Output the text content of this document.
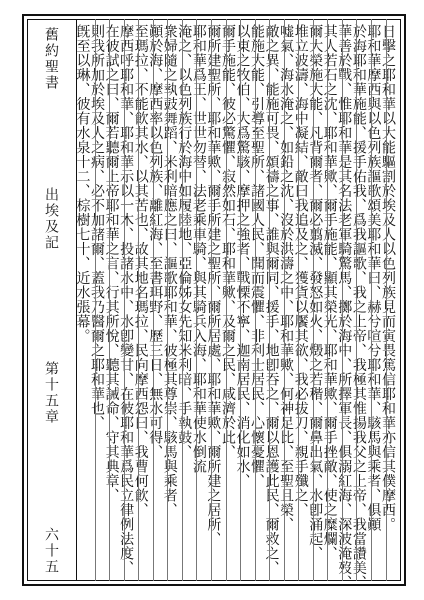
舊約聖書
出埃及記
第十五章
六十五
日擊之耶和華以大能驅割於埃及人以色列族見而寅畏篤信耶和華亦信其僕摩西。
耶和華摩西與以色列族謳歌頌美耶和華曰、赫兮喧兮耶和華、駭馬與乘者、俱顚
於海耶和華施能、援手佑我、爲我謳歌、我之上帝、我極其惟揚我父之上帝、我當讚美、
華善於戰、惟耶和華是其名法老軍騎驚馬、擲於海中、所擇軍長、俱溺紅海、深波淹歿、
其人若石之沈、耶和華歟、爾手施能、顯其榮光、耶和華歟、爾手挫敵、使之糜爛、
爾大榮施大能、凡背爾者、爾必翦滅、發怒如火、燬之若稭、爾鼻出氣、水卽涌起、
堆立波濤、海中凝結、敵曰我追及之、獲貨以饜其欲、我必拔刀、親手殲之、
嘘氣、海水淹之、如鉛之沈、沒於洪濤之中、耶和華歟、何神足比、至聖且榮、
敵之異、能施可畏、頌禱之事、誰與爾同、援手、地卽吞之、爾以恩護此民、爾救之、
能施大能、引導至聖所、諸國人民、聞而震懼、非利士居民、心懷憂懼、
以東之牧伯、大爲驚駭、摩押之強者、戰慄不寧、迦南居民、消化如水、
爾手施能、彼必驚懼、寂然如石、耶和華歟、及爾之民、咸濟於此、
爾所建聖所、耶和華歟、爾手所建之聖所、爾所居處、耶和華歟、爾所建之居所、
耶和華爲王、世世勿替、法老乘車騎、與其騎兵入海、耶和華使水倒流
淹之、以色列族行於海中如履陸地、亞倫姊女先知米利暗、手執鼓、
衆婦隨之執鼓舞蹈、米利暗應之曰、謳歌耶和華、彼極其尊崇、駭馬與乘者、
顚於海、摩西率以色列族、離紅海、至書珥野、歷三日、無水可得、
至瑪拉、不能飮其水、以其苦也、故其地名瑪拉、民向摩西怨曰、我曹何飮、
摩西呼耶和華、耶和華示以一木、投諸水中、水卽變甘、在彼耶和華爲民立律例法度、
在彼試之曰、爾若聽爾上帝耶和華之言、行其所悅、聽其誡命、守其典章、
則我所加於埃及人之病、必不加諸爾、蓋我乃醫爾之耶和華也、
旣至以琳、彼有水泉十二、棕樹七十、近水張幕。
